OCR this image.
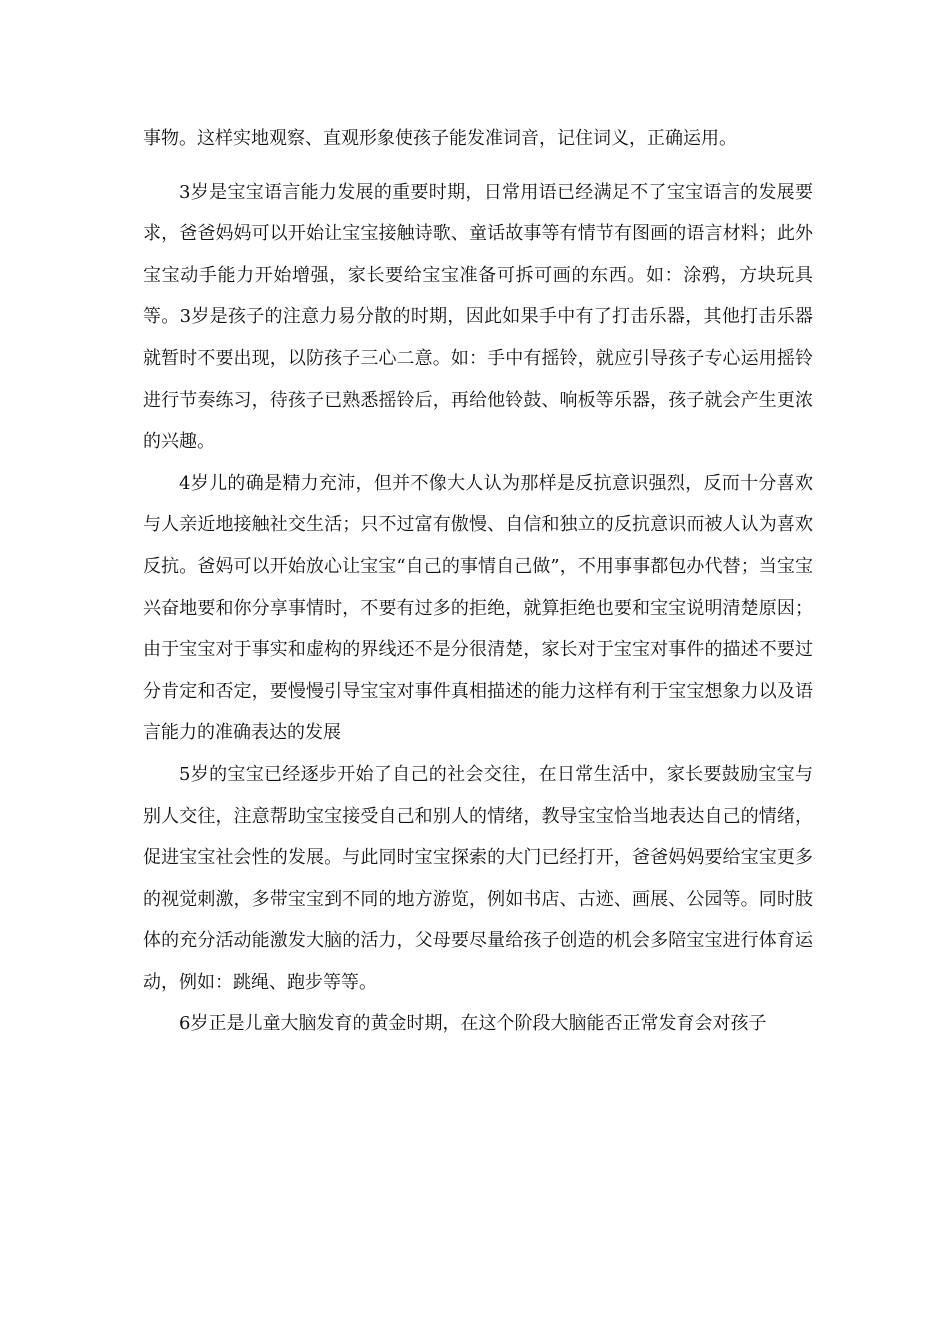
事物。这样实地观察、直观形象使孩子能发准词音，记住词义，正确运用。

3岁是宝宝语言能力发展的重要时期，日常用语已经满足不了宝宝语言的发展要求，爸爸妈妈可以开始让宝宝接触诗歌、童话故事等有情节有图画的语言材料；此外宝宝动手能力开始增强，家长要给宝宝准备可拆可画的东西。如：涂鸦，方块玩具等。3岁是孩子的注意力易分散的时期，因此如果手中有了打击乐器，其他打击乐器就暂时不要出现，以防孩子三心二意。如：手中有摇铃，就应引导孩子专心运用摇铃进行节奏练习，待孩子已熟悉摇铃后，再给他铃鼓、响板等乐器，孩子就会产生更浓的兴趣。

4岁儿的确是精力充沛，但并不像大人认为那样是反抗意识强烈，反而十分喜欢与人亲近地接触社交生活；只不过富有傲慢、自信和独立的反抗意识而被人认为喜欢反抗。爸妈可以开始放心让宝宝“自己的事情自己做”，不用事事都包办代替；当宝宝兴奋地要和你分享事情时，不要有过多的拒绝，就算拒绝也要和宝宝说明清楚原因；由于宝宝对于事实和虚构的界线还不是分很清楚，家长对于宝宝对事件的描述不要过分肯定和否定，要慢慢引导宝宝对事件真相描述的能力这样有利于宝宝想象力以及语言能力的准确表达的发展

5岁的宝宝已经逐步开始了自己的社会交往，在日常生活中，家长要鼓励宝宝与别人交往，注意帮助宝宝接受自己和别人的情绪，教导宝宝恰当地表达自己的情绪，促进宝宝社会性的发展。与此同时宝宝探索的大门已经打开，爸爸妈妈要给宝宝更多的视觉刺激，多带宝宝到不同的地方游览，例如书店、古迹、画展、公园等。同时肢体的充分活动能激发大脑的活力，父母要尽量给孩子创造的机会多陪宝宝进行体育运动，例如：跳绳、跑步等等。

6岁正是儿童大脑发育的黄金时期，在这个阶段大脑能否正常发育会对孩子
